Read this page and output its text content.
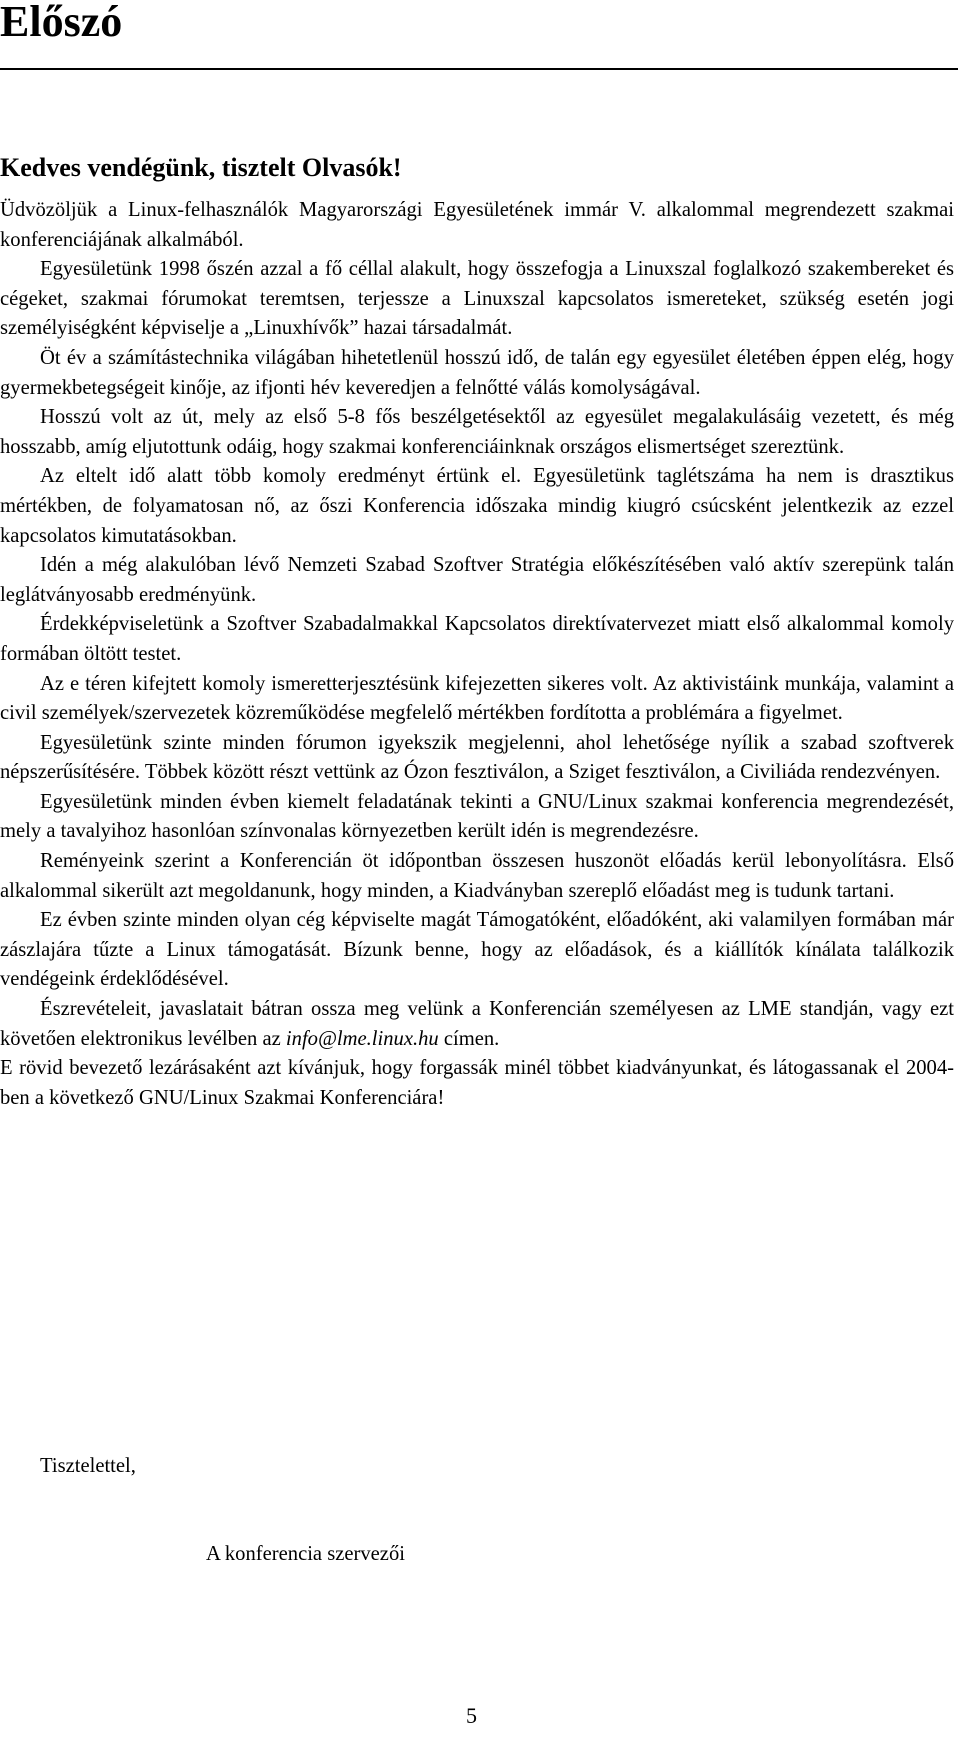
Előszó
Kedves vendégünk, tisztelt Olvasók!

Üdvözöljük a Linux-felhasználók Magyarországi Egyesületének immár V. alkalommal megrendezett szakmai konferenciájának alkalmából.

Egyesületünk 1998 őszén azzal a fő céllal alakult, hogy összefogja a Linuxszal foglalkozó szakembereket és cégeket, szakmai fórumokat teremtsen, terjessze a Linuxszal kapcsolatos ismereteket, szükség esetén jogi személyiségként képviselje a „Linuxhívők” hazai társadalmát.

Öt év a számítástechnika világában hihetetlenül hosszú idő, de talán egy egyesület életében éppen elég, hogy gyermekbetegségeit kinője, az ifjonti hév keveredjen a felnőtté válás komolyságával.

Hosszú volt az út, mely az első 5-8 fős beszélgetésektől az egyesület megalakulásáig vezetett, és még hosszabb, amíg eljutottunk odáig, hogy szakmai konferenciáinknak országos elismertséget szereztünk.

Az eltelt idő alatt több komoly eredményt értünk el. Egyesületünk taglétszáma ha nem is drasztikus mértékben, de folyamatosan nő, az őszi Konferencia időszaka mindig kiugró csúcsként jelentkezik az ezzel kapcsolatos kimutatásokban.

Idén a még alakulóban lévő Nemzeti Szabad Szoftver Stratégia előkészítésében való aktív szerepünk talán leglátványosabb eredményünk.

Érdekképviseletünk a Szoftver Szabadalmakkal Kapcsolatos direktívatervezet miatt első alkalommal komoly formában öltött testet.

Az e téren kifejtett komoly ismeretterjesztésünk kifejezetten sikeres volt. Az aktivistáink munkája, valamint a civil személyek/szervezetek közreműködése megfelelő mértékben fordította a problémára a figyelmet.

Egyesületünk szinte minden fórumon igyekszik megjelenni, ahol lehetősége nyílik a szabad szoftverek népszerűsítésére. Többek között részt vettünk az Ózon fesztiválon, a Sziget fesztiválon, a Civiliáda rendezvényen.

Egyesületünk minden évben kiemelt feladatának tekinti a GNU/Linux szakmai konferencia megrendezését, mely a tavalyihoz hasonlóan színvonalas környezetben került idén is megrendezésre.

Reményeink szerint a Konferencián öt időpontban összesen huszonöt előadás kerül lebonyolításra. Első alkalommal sikerült azt megoldanunk, hogy minden, a Kiadványban szereplő előadást meg is tudunk tartani.

Ez évben szinte minden olyan cég képviselte magát Támogatóként, előadóként, aki valamilyen formában már zászlajára tűzte a Linux támogatását. Bízunk benne, hogy az előadások, és a kiállítók kínálata találkozik vendégeink érdeklődésével.

Észrevételeit, javaslatait bátran ossza meg velünk a Konferencián személyesen az LME standján, vagy ezt követően elektronikus levélben az info@lme.linux.hu címen.

E rövid bevezető lezárásaként azt kívánjuk, hogy forgassák minél többet kiadványunkat, és látogassanak el 2004-ben a következő GNU/Linux Szakmai Konferenciára!

Tisztelettel,
A konferencia szervezői
5
